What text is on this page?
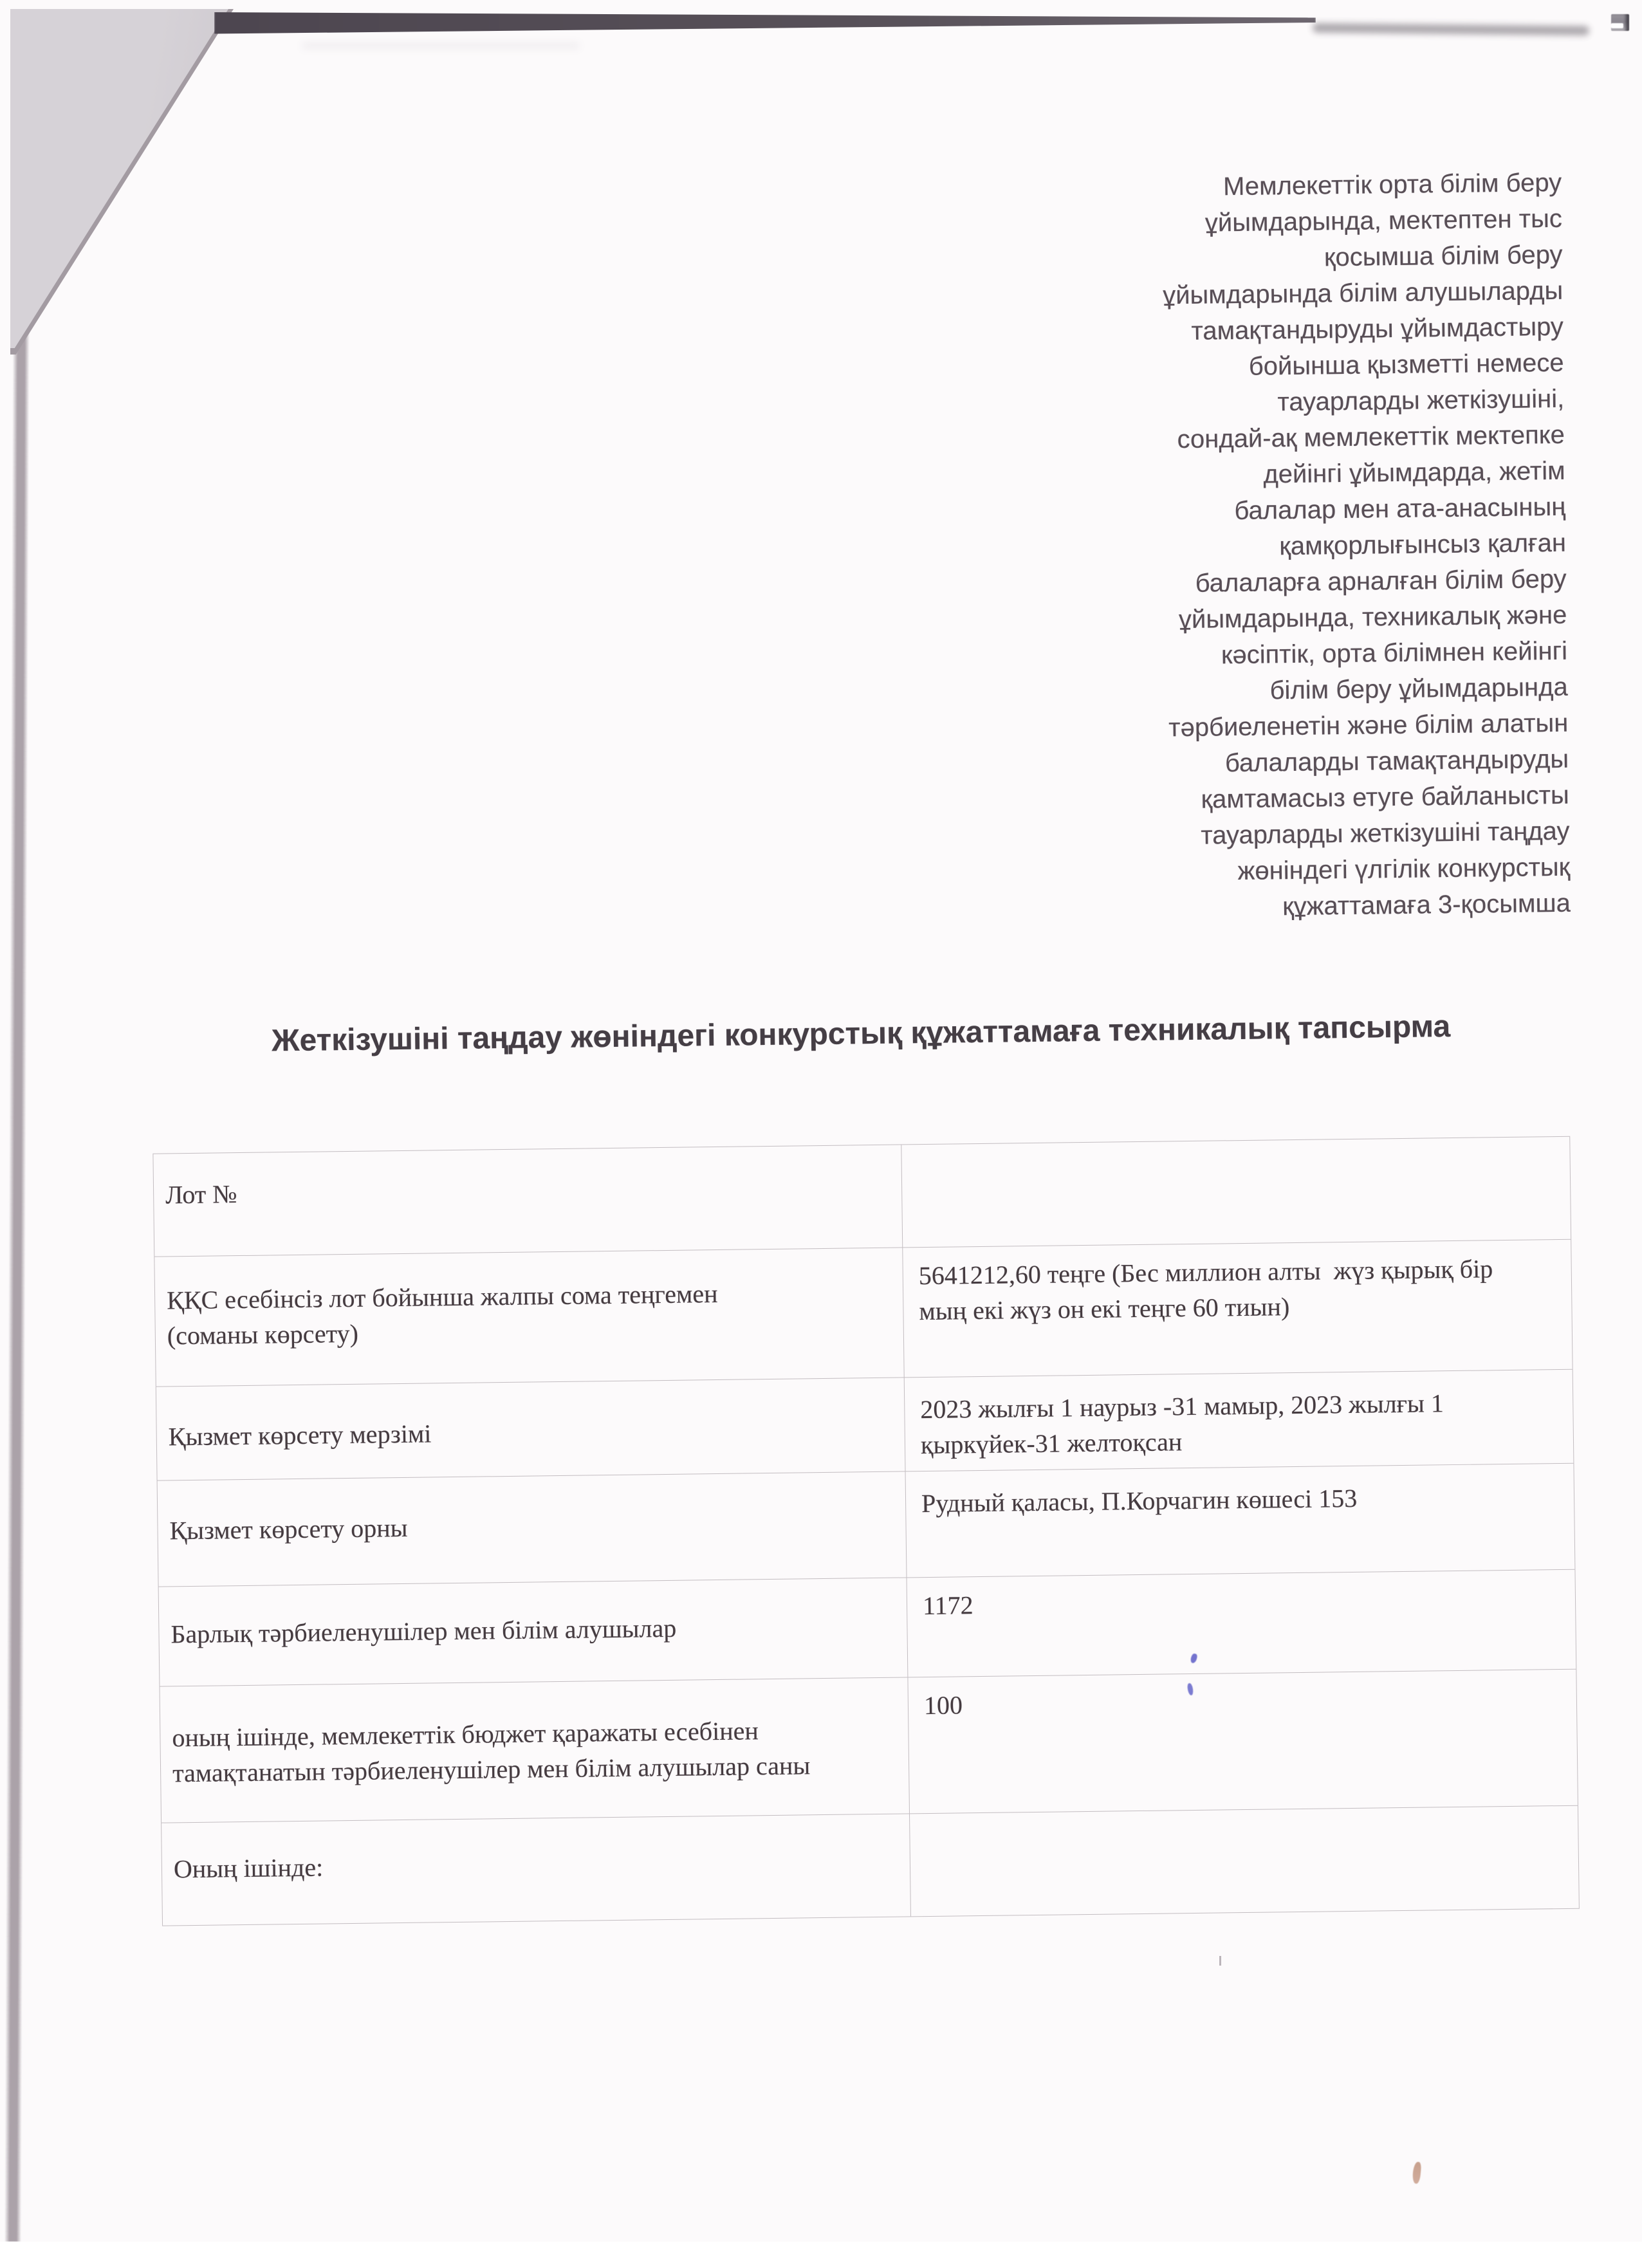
Мемлекеттік орта білім беру
ұйымдарында, мектептен тыс
қосымша білім беру
ұйымдарында білім алушыларды
тамақтандыруды ұйымдастыру
бойынша қызметті немесе
тауарларды жеткізушіні,
сондай-ақ мемлекеттік мектепке
дейінгі ұйымдарда, жетім
балалар мен ата-анасының
қамқорлығынсыз қалған
балаларға арналған білім беру
ұйымдарында, техникалық және
кәсіптік, орта білімнен кейінгі
білім беру ұйымдарында
тәрбиеленетін және білім алатын
балаларды тамақтандыруды
қамтамасыз етуге байланысты
тауарларды жеткізушіні таңдау
жөніндегі үлгілік конкурстық
құжаттамаға 3-қосымша
Жеткізушіні таңдау жөніндегі конкурстық құжаттамаға техникалық тапсырма
Лот №
ҚҚС есебінсіз лот бойынша жалпы сома теңгемен (соманы көрсету)
5641212,60 теңге (Бес миллион алты  жүз қырық бір мың екі жүз он екі теңге 60 тиын)
Қызмет көрсету мерзімі
2023 жылғы 1 наурыз -31 мамыр, 2023 жылғы 1 қыркүйек-31 желтоқсан
Қызмет көрсету орны
Рудный қаласы, П.Корчагин көшесі 153
Барлық тәрбиеленушілер мен білім алушылар
1172
оның ішінде, мемлекеттік бюджет қаражаты есебінен тамақтанатын тәрбиеленушілер мен білім алушылар саны
100
Оның ішінде:
